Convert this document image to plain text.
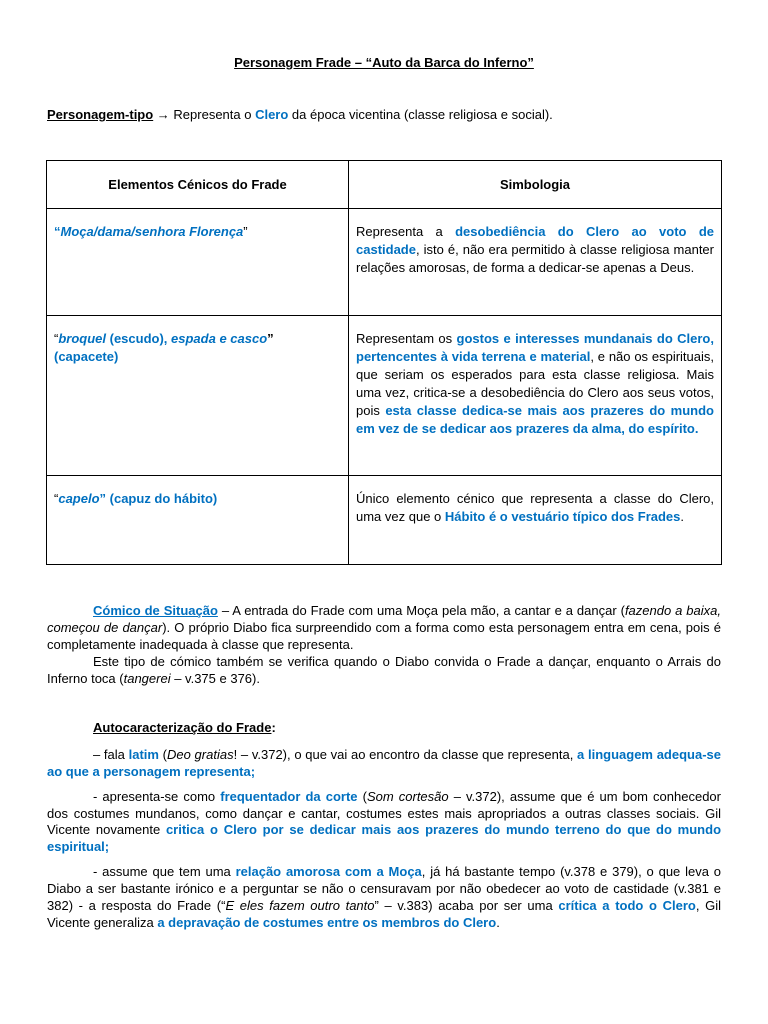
Personagem Frade – “Auto da Barca do Inferno”
Personagem-tipo → Representa o Clero da época vicentina (classe religiosa e social).
Elementos Cénicos do Frade	Simbologia
“Moça/dama/senhora Florença”	Representa a desobediência do Clero ao voto de castidade, isto é, não era permitido à classe religiosa manter relações amorosas, de forma a dedicar-se apenas a Deus.
“broquel (escudo), espada e casco” (capacete)	Representam os gostos e interesses mundanais do Clero, pertencentes à vida terrena e material, e não os espirituais, que seriam os esperados para esta classe religiosa. Mais uma vez, critica-se a desobediência do Clero aos seus votos, pois esta classe dedica-se mais aos prazeres do mundo em vez de se dedicar aos prazeres da alma, do espírito.
“capelo” (capuz do hábito)	Único elemento cénico que representa a classe do Clero, uma vez que o Hábito é o vestuário típico dos Frades.

Cómico de Situação – A entrada do Frade com uma Moça pela mão, a cantar e a dançar (fazendo a baixa, começou de dançar). O próprio Diabo fica surpreendido com a forma como esta personagem entra em cena, pois é completamente inadequada à classe que representa.

Este tipo de cómico também se verifica quando o Diabo convida o Frade a dançar, enquanto o Arrais do Inferno toca (tangerei – v.375 e 376).

Autocaracterização do Frade:

– fala latim (Deo gratias! – v.372), o que vai ao encontro da classe que representa, a linguagem adequa-se ao que a personagem representa;

- apresenta-se como frequentador da corte (Som cortesão – v.372), assume que é um bom conhecedor dos costumes mundanos, como dançar e cantar, costumes estes mais apropriados a outras classes sociais. Gil Vicente novamente critica o Clero por se dedicar mais aos prazeres do mundo terreno do que do mundo espiritual;

- assume que tem uma relação amorosa com a Moça, já há bastante tempo (v.378 e 379), o que leva o Diabo a ser bastante irónico e a perguntar se não o censuravam por não obedecer ao voto de castidade (v.381 e 382) - a resposta do Frade (“E eles fazem outro tanto” – v.383) acaba por ser uma crítica a todo o Clero, Gil Vicente generaliza a depravação de costumes entre os membros do Clero.
